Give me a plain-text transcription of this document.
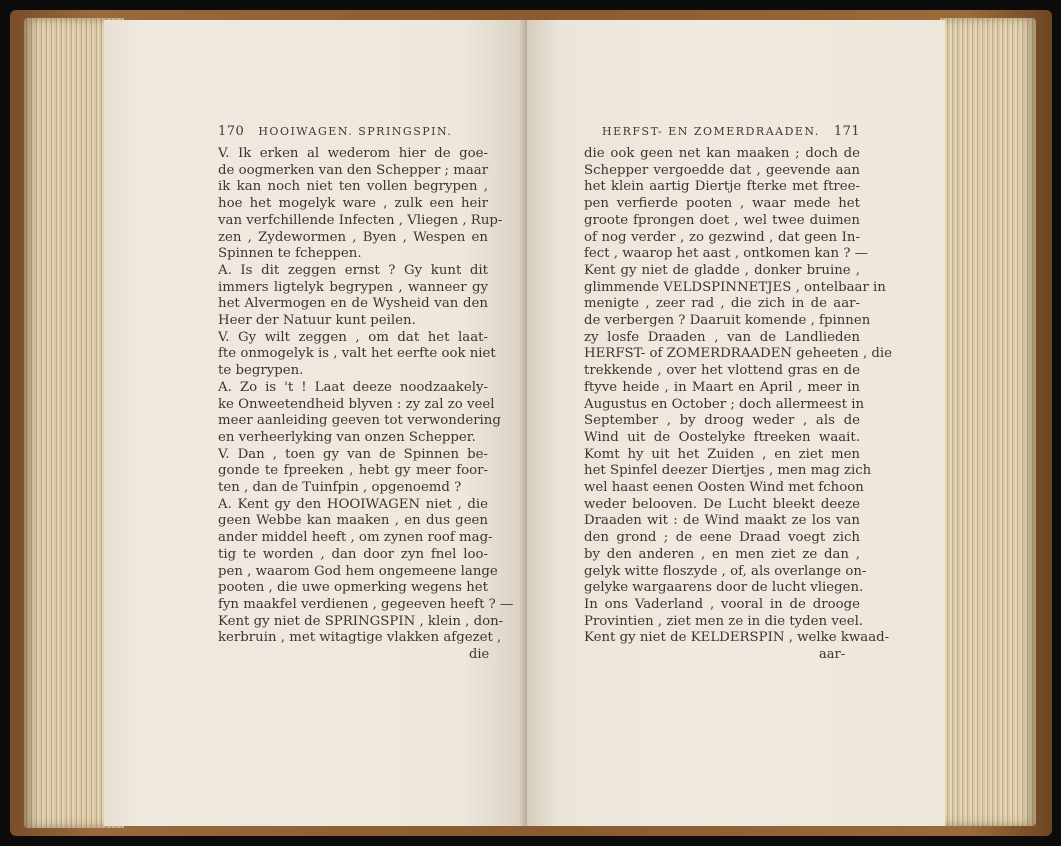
170 HOOIWAGEN. SPRINGSPIN.
V. Ik erken al wederom hier de goe-
de oogmerken van den Schepper ; maar
ik kan noch niet ten vollen begrypen ,
hoe het mogelyk ware , zulk een heir
van verfchillende Infecten , Vliegen , Rup-
zen , Zydewormen , Byen , Wespen en
Spinnen te fcheppen.
A. Is dit zeggen ernst ? Gy kunt dit
immers ligtelyk begrypen , wanneer gy
het Alvermogen en de Wysheid van den
Heer der Natuur kunt peilen.
V. Gy wilt zeggen , om dat het laat-
fte onmogelyk is , valt het eerfte ook niet
te begrypen.
A. Zo is 't ! Laat deeze noodzaakely-
ke Onweetendheid blyven : zy zal zo veel
meer aanleiding geeven tot verwondering
en verheerlyking van onzen Schepper.
V. Dan , toen gy van de Spinnen be-
gonde te fpreeken , hebt gy meer foor-
ten , dan de Tuinfpin , opgenoemd ?
A. Kent gy den HOOIWAGEN niet , die
geen Webbe kan maaken , en dus geen
ander middel heeft , om zynen roof mag-
tig te worden , dan door zyn fnel loo-
pen , waarom God hem ongemeene lange
pooten , die uwe opmerking wegens het
fyn maakfel verdienen , gegeeven heeft ? —
Kent gy niet de SPRINGSPIN , klein , don-
kerbruin , met witagtige vlakken afgezet ,
die
HERFST- EN ZOMERDRAADEN. 171
die ook geen net kan maaken ; doch de
Schepper vergoedde dat , geevende aan
het klein aartig Diertje fterke met ftree-
pen verfierde pooten , waar mede het
groote fprongen doet , wel twee duimen
of nog verder , zo gezwind , dat geen In-
fect , waarop het aast , ontkomen kan ? —
Kent gy niet de gladde , donker bruine ,
glimmende VELDSPINNETJES , ontelbaar in
menigte , zeer rad , die zich in de aar-
de verbergen ? Daaruit komende , fpinnen
zy losfe Draaden , van de Landlieden
HERFST- of ZOMERDRAADEN geheeten , die
trekkende , over het vlottend gras en de
ftyve heide , in Maart en April , meer in
Augustus en October ; doch allermeest in
September , by droog weder , als de
Wind uit de Oostelyke ftreeken waait.
Komt hy uit het Zuiden , en ziet men
het Spinfel deezer Diertjes , men mag zich
wel haast eenen Oosten Wind met fchoon
weder belooven. De Lucht bleekt deeze
Draaden wit : de Wind maakt ze los van
den grond ; de eene Draad voegt zich
by den anderen , en men ziet ze dan ,
gelyk witte floszyde , of, als overlange on-
gelyke wargaarens door de lucht vliegen.
In ons Vaderland , vooral in de drooge
Provintien , ziet men ze in die tyden veel.
Kent gy niet de KELDERSPIN , welke kwaad-
aar-
